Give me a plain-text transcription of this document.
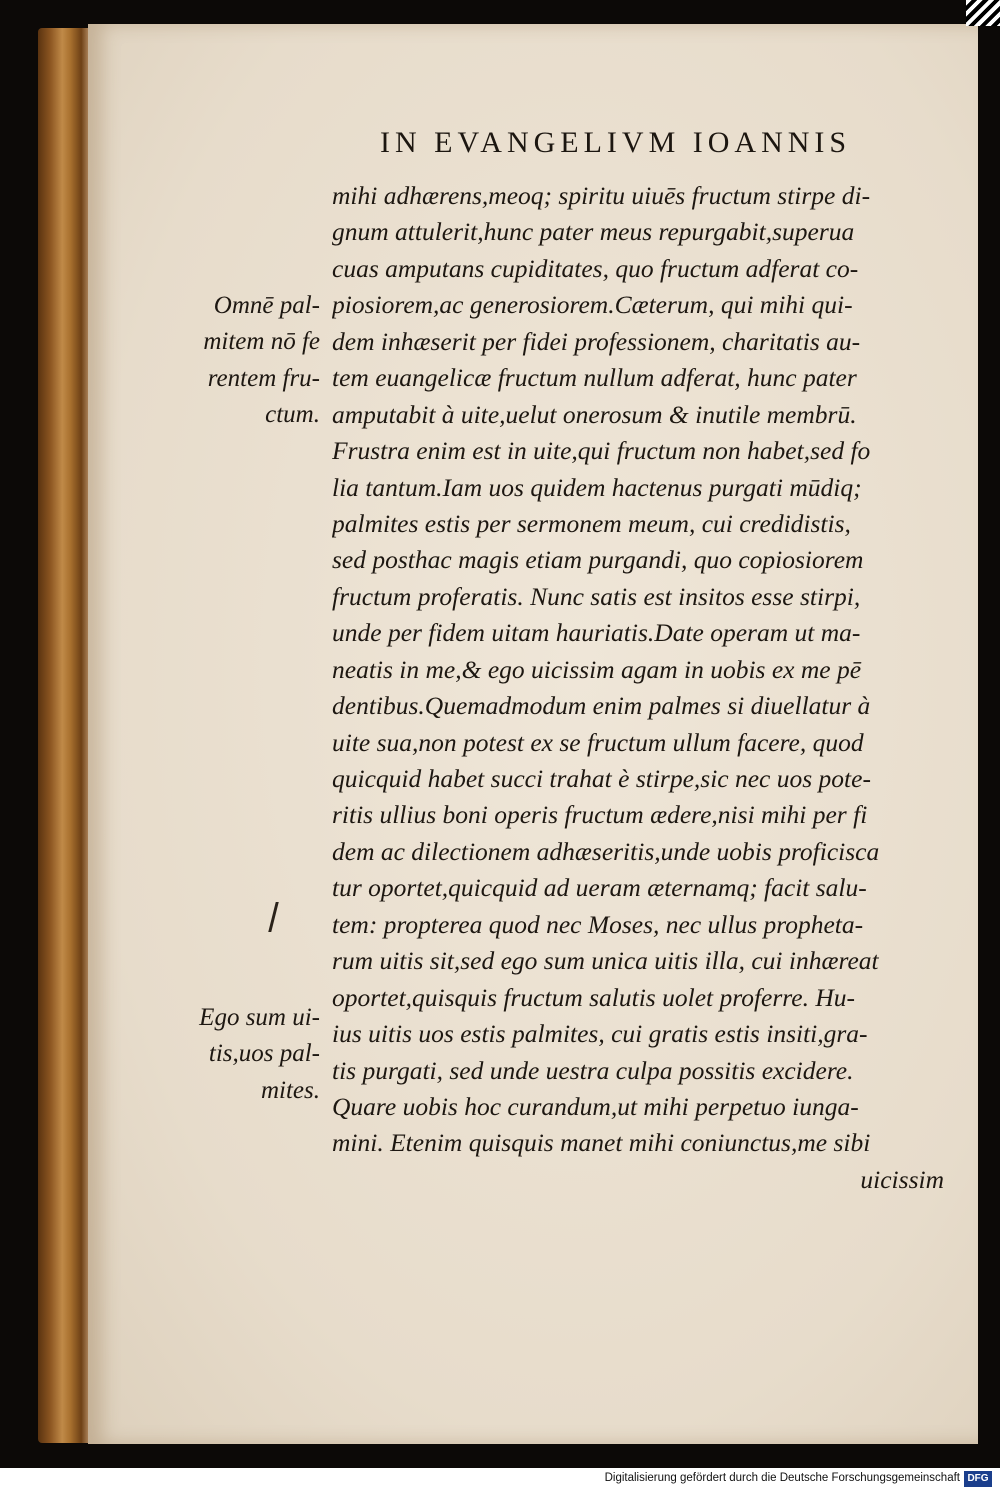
IN EVANGELIVM IOANNIS
Omnē pal-
mitem nō fe
rentem fru-
ctum.
Ego sum ui-
tis,uos pal-
mites.
mihi adhærens,meoq; spiritu uiuēs fructum stirpe di-
gnum attulerit,hunc pater meus repurgabit,superua
cuas amputans cupiditates, quo fructum adferat co-
piosiorem,ac generosiorem.Cæterum, qui mihi qui-
dem inhæserit per fidei professionem, charitatis au-
tem euangelicæ fructum nullum adferat, hunc pater
amputabit à uite,uelut onerosum & inutile membrū.
Frustra enim est in uite,qui fructum non habet,sed fo
lia tantum.Iam uos quidem hactenus purgati mūdiq;
palmites estis per sermonem meum, cui credidistis,
sed posthac magis etiam purgandi, quo copiosiorem
fructum proferatis. Nunc satis est insitos esse stirpi,
unde per fidem uitam hauriatis.Date operam ut ma-
neatis in me,& ego uicissim agam in uobis ex me pē
dentibus.Quemadmodum enim palmes si diuellatur à
uite sua,non potest ex se fructum ullum facere, quod
quicquid habet succi trahat è stirpe,sic nec uos pote-
ritis ullius boni operis fructum ædere,nisi mihi per fi
dem ac dilectionem adhæseritis,unde uobis proficisca
tur oportet,quicquid ad ueram æternamq; facit salu-
tem: propterea quod nec Moses, nec ullus propheta-
rum uitis sit,sed ego sum unica uitis illa, cui inhæreat
oportet,quisquis fructum salutis uolet proferre. Hu-
ius uitis uos estis palmites, cui gratis estis insiti,gra-
tis purgati, sed unde uestra culpa possitis excidere.
Quare uobis hoc curandum,ut mihi perpetuo iunga-
mini. Etenim quisquis manet mihi coniunctus,me sibi
uicissim
Digitalisierung gefördert durch die Deutsche Forschungsgemeinschaft DFG
